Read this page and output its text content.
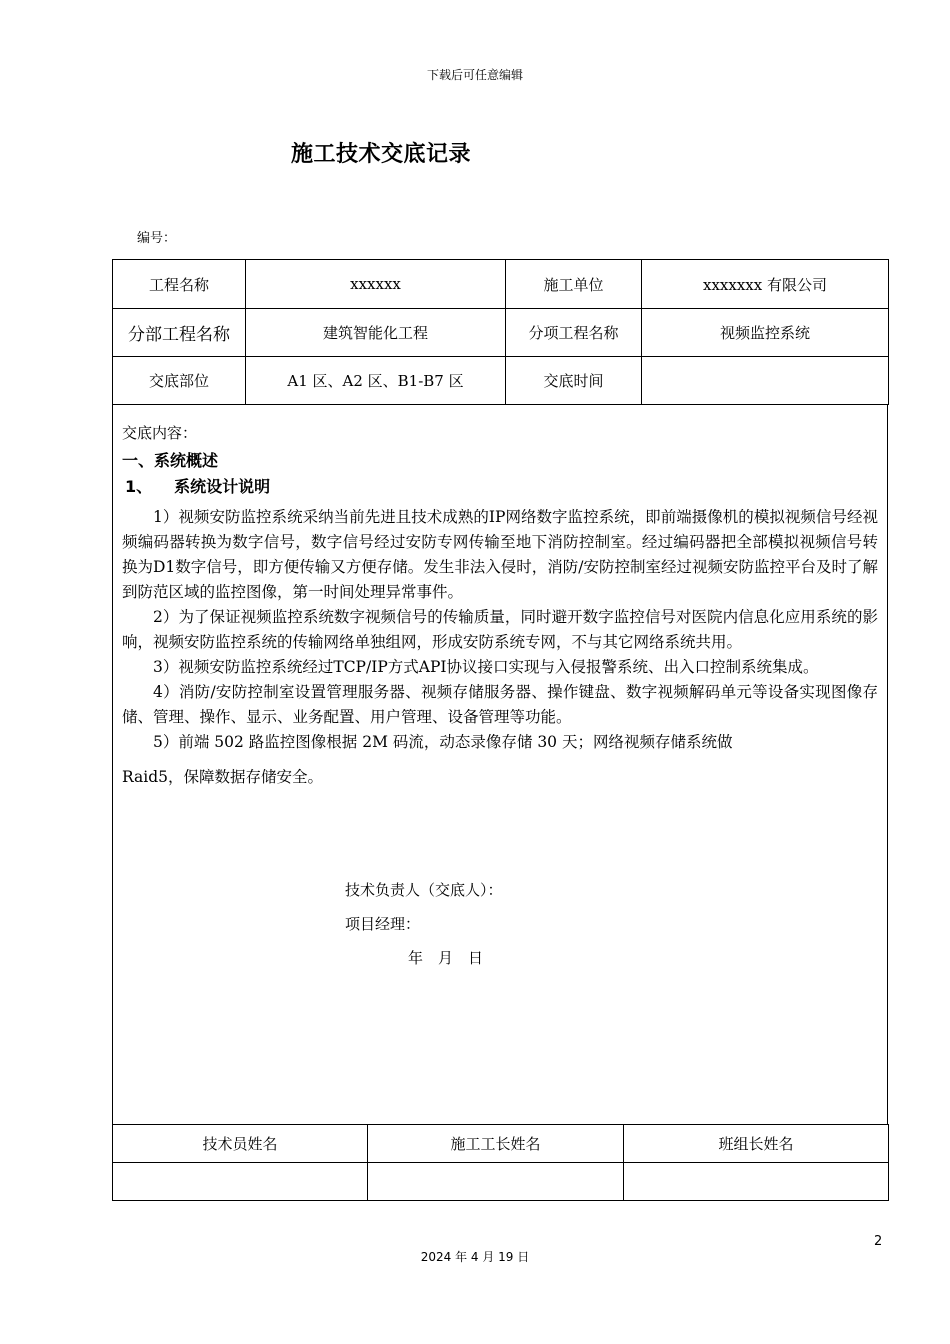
下载后可任意编辑
施工技术交底记录
编号：
工程名称	xxxxxx	施工单位	xxxxxxx 有限公司
分部工程名称	建筑智能化工程	分项工程名称	视频监控系统
交底部位	A1 区、A2 区、B1-B7 区	交底时间	
交底内容：
一、系统概述
1、 系统设计说明

1）视频安防监控系统采纳当前先进且技术成熟的IP网络数字监控系统，即前端摄像机的模拟视频信号经视频编码器转换为数字信号，数字信号经过安防专网传输至地下消防控制室。经过编码器把全部模拟视频信号转换为D1数字信号，即方便传输又方便存储。发生非法入侵时，消防/安防控制室经过视频安防监控平台及时了解到防范区域的监控图像，第一时间处理异常事件。

2）为了保证视频监控系统数字视频信号的传输质量，同时避开数字监控信号对医院内信息化应用系统的影响，视频安防监控系统的传输网络单独组网，形成安防系统专网，不与其它网络系统共用。

3）视频安防监控系统经过TCP/IP方式API协议接口实现与入侵报警系统、出入口控制系统集成。

4）消防/安防控制室设置管理服务器、视频存储服务器、操作键盘、数字视频解码单元等设备实现图像存储、管理、操作、显示、业务配置、用户管理、设备管理等功能。

5）前端 502 路监控图像根据 2M 码流，动态录像存储 30 天；网络视频存储系统做

Raid5，保障数据存储安全。

技术负责人（交底人）：
项目经理：
年　月　日
技术员姓名	施工工长姓名	班组长姓名

2
2024 年 4 月 19 日
